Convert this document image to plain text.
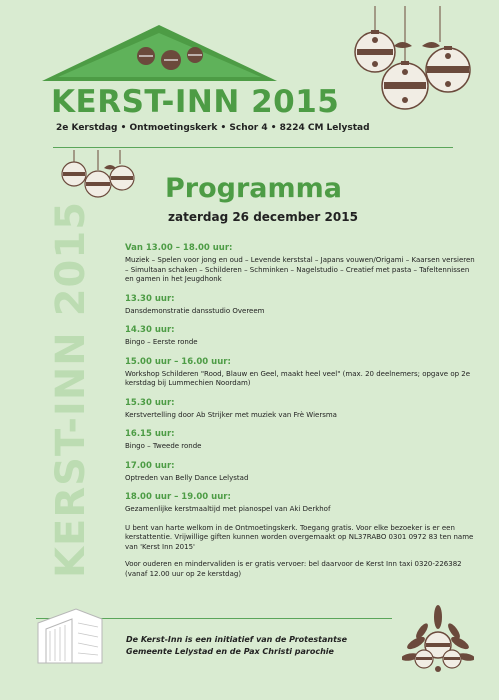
KERST-INN 2015
2e Kerstdag • Ontmoetingskerk • Schor 4 • 8224 CM Lelystad
Programma
zaterdag 26 december 2015
KERST-INN 2015	Van 13.00 – 18.00 uur:
Muziek – Spelen voor jong en oud – Levende kerststal – Japans vouwen/Origami – Kaarsen versieren – Simultaan schaken – Schilderen – Schminken – Nagelstudio – Creatief met pasta – Tafeltennissen en gamen in het Jeugdhonk
13.30 uur:
Dansdemonstratie dansstudio Overeem
14.30 uur:
Bingo – Eerste ronde
15.00 uur – 16.00 uur:
Workshop Schilderen "Rood, Blauw en Geel, maakt heel veel" (max. 20 deelnemers; opgave op 2e kerstdag bij Lummechien Noordam)
15.30 uur:
Kerstvertelling door Ab Strijker met muziek van Frè Wiersma
16.15 uur:
Bingo – Tweede ronde
17.00 uur:
Optreden van Belly Dance Lelystad
18.00 uur – 19.00 uur:
Gezamenlijke kerstmaaltijd met pianospel van Aki Derkhof
U bent van harte welkom in de Ontmoetingskerk. Toegang gratis. Voor elke bezoeker is er een kerstattentie. Vrijwillige giften kunnen worden overgemaakt op NL37RABO 0301 0972 83 ten name van 'Kerst Inn 2015'
Voor ouderen en mindervaliden is er gratis vervoer: bel daarvoor de Kerst Inn taxi 0320-226382 (vanaf 12.00 uur op 2e kerstdag)
De Kerst-Inn is een initiatief van de Protestantse
Gemeente Lelystad en de Pax Christi parochie
